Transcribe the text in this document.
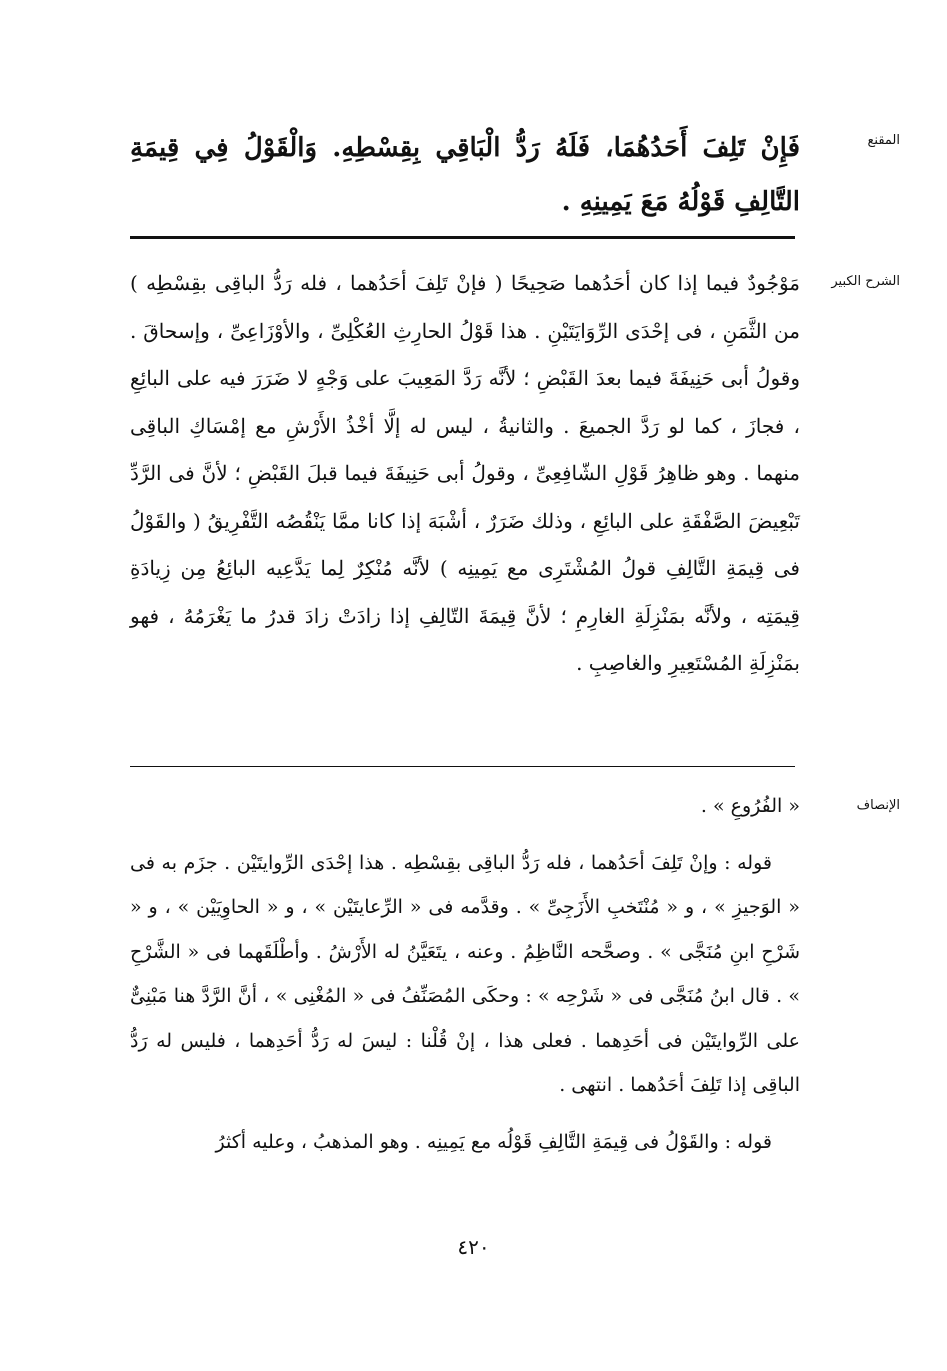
المقنع
فَإِنْ تَلِفَ أَحَدُهُمَا، فَلَهُ رَدُّ الْبَاقِي بِقِسْطِهِ. وَالْقَوْلُ فِي قِيمَةِ التَّالِفِ قَوْلُهُ مَعَ يَمِينِهِ .
الشرح الكبير
مَوْجُودٌ فيما إذا كان أحَدُهما صَحِيحًا ( فإنْ تَلِفَ أحَدُهما ، فله رَدُّ الباقِى بقِسْطِه ) من الثَّمَنِ ، فى إحْدَى الرِّوَايَتَيْنِ . هذا قَوْلُ الحارِثِ العُكْلِىِّ ، والأوْزَاعِىِّ ، وإسحاقَ . وقولُ أبى حَنِيفَةَ فيما بعدَ القَبْضِ ؛ لأنَّه رَدَّ المَعِيبَ على وَجْهٍ لا ضَرَرَ فيه على البائِعِ ، فجازَ ، كما لو رَدَّ الجميعَ . والثانيةُ ، ليس له إلَّا أخْذُ الأَرْشِ مع إمْسَاكِ الباقِى منهما . وهو ظاهِرُ قَوْلِ الشّافِعِىِّ ، وقولُ أبى حَنِيفَةَ فيما قبلَ القَبْضِ ؛ لأنَّ فى الرَّدِّ تَبْعِيضَ الصَّفْقَةِ على البائِعِ ، وذلك ضَرَرٌ ، أشْبَهَ إذا كانا ممَّا يَنْقُصُه التَّفْرِيقُ ( والقَوْلُ فى قِيمَةِ التَّالِفِ قولُ المُشْتَرِى مع يَمِينِه ) لأنَّه مُنْكِرٌ لِما يَدَّعِيه البائِعُ مِن زِيادَةِ قِيمَتِه ، ولأنَّه بمَنْزِلَةِ الغارِمِ ؛ لأنَّ قِيمَةَ التّالِفِ إذا زادَتْ زادَ قدرُ ما يَغْرَمُهُ ، فهو بمَنْزِلَةِ المُسْتَعِيرِ والغاصِبِ .
الإنصاف

« الفُرُوعِ » .

قوله : وإنْ تَلِفَ أحَدُهما ، فله رَدُّ الباقِى بقِسْطِه . هذا إحْدَى الرِّوايتَيْن . جزَم به فى « الوَجيزِ » ، و « مُنْتَخبِ الأَزَجِىِّ » . وقدَّمه فى « الرِّعايتَيْن » ، و « الحاوِيَيْن » ، و « شَرْحِ ابنِ مُنَجَّى » . وصحَّحه النَّاظِمُ . وعنه ، يتَعَيَّنُ له الأَرْشُ . وأطْلَقَهما فى « الشَّرْحِ » . قال ابنُ مُنَجَّى فى « شَرْحِه » : وحكَى المُصَنِّفُ فى « المُغْنِى » ، أنَّ الرَّدَّ هنا مَبْنِىٌّ على الرِّوايتَيْن فى أحَدِهما . فعلى هذا ، إنْ قُلْنا : ليسَ له رَدُّ أحَدِهما ، فليس له رَدُّ الباقِى إذا تَلِفَ أحَدُهما . انتهى .

قوله : والقَوْلُ فى قِيمَةِ التَّالِفِ قَوْلُه مع يَمِينِه . وهو المذهبُ ، وعليه أكثرُ

٤٢٠
